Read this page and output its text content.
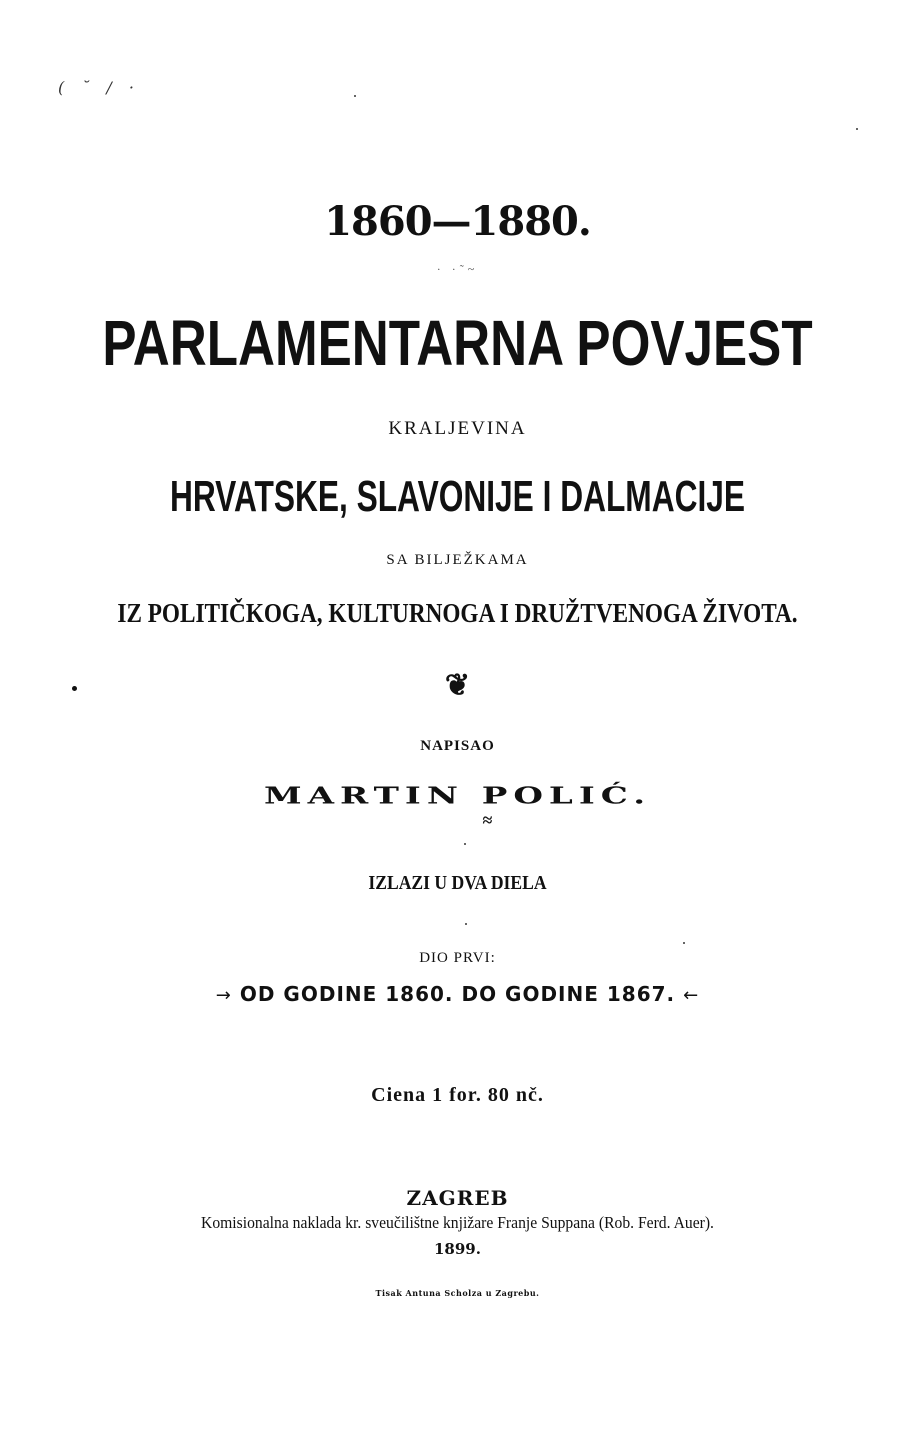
( ˘ / ·
1860—1880.
· ·˜~
PARLAMENTARNA POVJEST
KRALJEVINA
HRVATSKE, SLAVONIJE I DALMACIJE
SA BILJEŽKAMA
IZ POLITIČKOGA, KULTURNOGA I DRUŽTVENOGA ŽIVOTA.
❦
NAPISAO
MARTIN POLIĆ.
≈
IZLAZI U DVA DIELA
DIO PRVI:
→ OD GODINE 1860. DO GODINE 1867. ←
Ciena 1 for. 80 nč.
ZAGREB
Komisionalna naklada kr. sveučilištne knjižare Franje Suppana (Rob. Ferd. Auer).
1899.
Tisak Antuna Scholza u Zagrebu.
